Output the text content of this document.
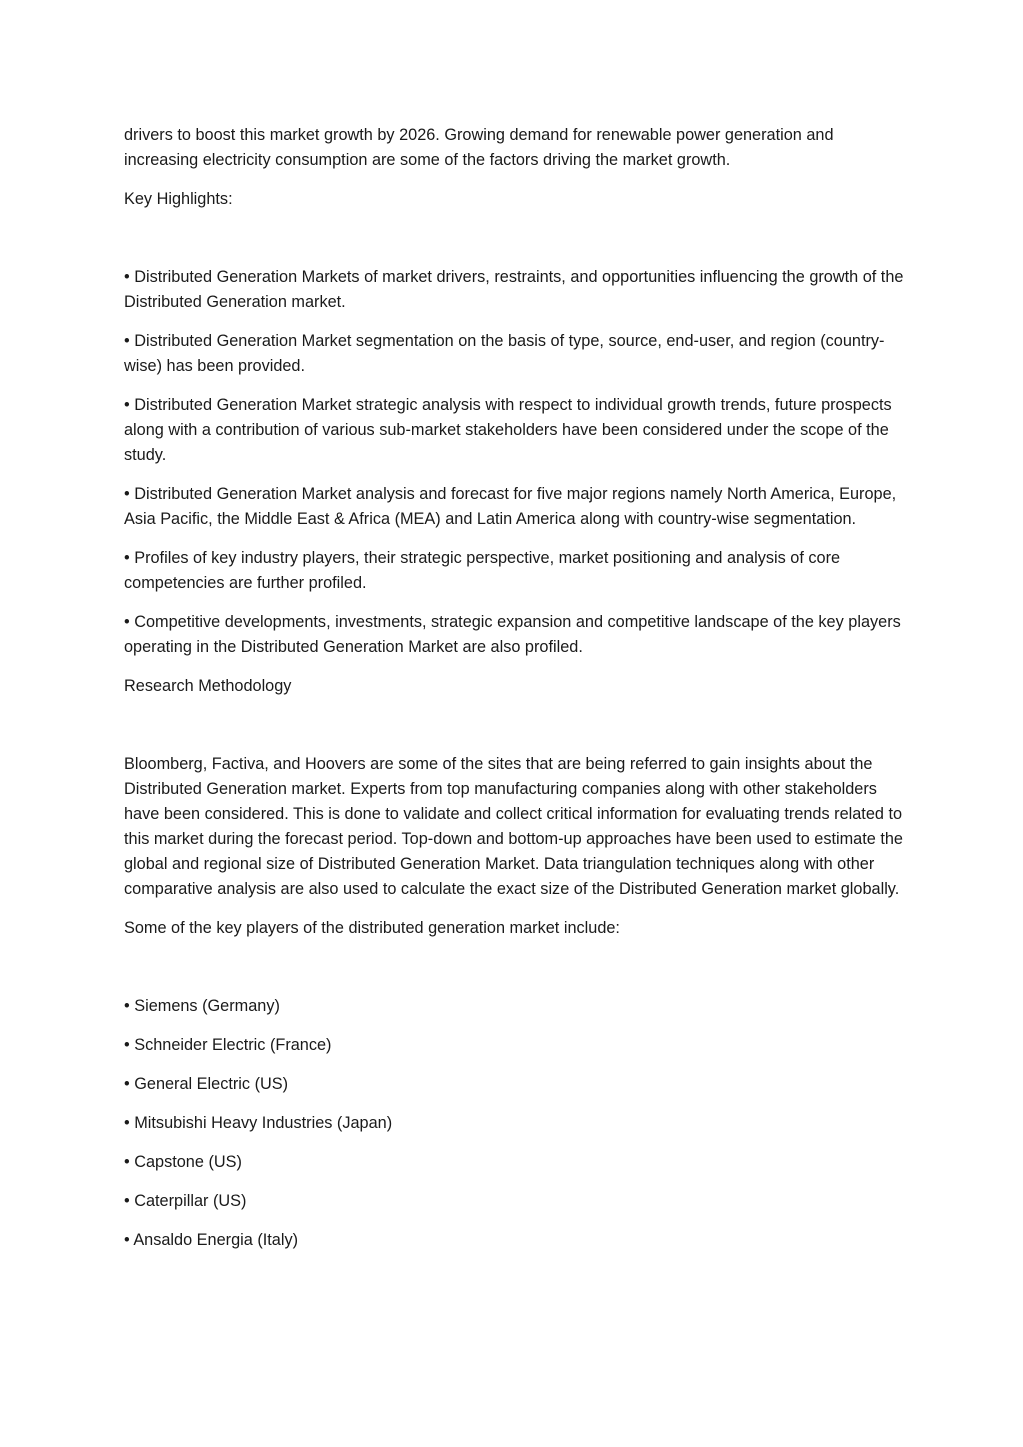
drivers to boost this market growth by 2026. Growing demand for renewable power generation and increasing electricity consumption are some of the factors driving the market growth.

Key Highlights:

• Distributed Generation Markets of market drivers, restraints, and opportunities influencing the growth of the Distributed Generation market.

• Distributed Generation Market segmentation on the basis of type, source, end-user, and region (country-wise) has been provided.

• Distributed Generation Market strategic analysis with respect to individual growth trends, future prospects along with a contribution of various sub-market stakeholders have been considered under the scope of the study.

• Distributed Generation Market analysis and forecast for five major regions namely North America, Europe, Asia Pacific, the Middle East & Africa (MEA) and Latin America along with country-wise segmentation.

• Profiles of key industry players, their strategic perspective, market positioning and analysis of core competencies are further profiled.

• Competitive developments, investments, strategic expansion and competitive landscape of the key players operating in the Distributed Generation Market are also profiled.

Research Methodology

Bloomberg, Factiva, and Hoovers are some of the sites that are being referred to gain insights about the Distributed Generation market. Experts from top manufacturing companies along with other stakeholders have been considered. This is done to validate and collect critical information for evaluating trends related to this market during the forecast period. Top-down and bottom-up approaches have been used to estimate the global and regional size of Distributed Generation Market. Data triangulation techniques along with other comparative analysis are also used to calculate the exact size of the Distributed Generation market globally.

Some of the key players of the distributed generation market include:

• Siemens (Germany)

• Schneider Electric (France)

• General Electric (US)

• Mitsubishi Heavy Industries (Japan)

• Capstone (US)

• Caterpillar (US)

• Ansaldo Energia (Italy)
